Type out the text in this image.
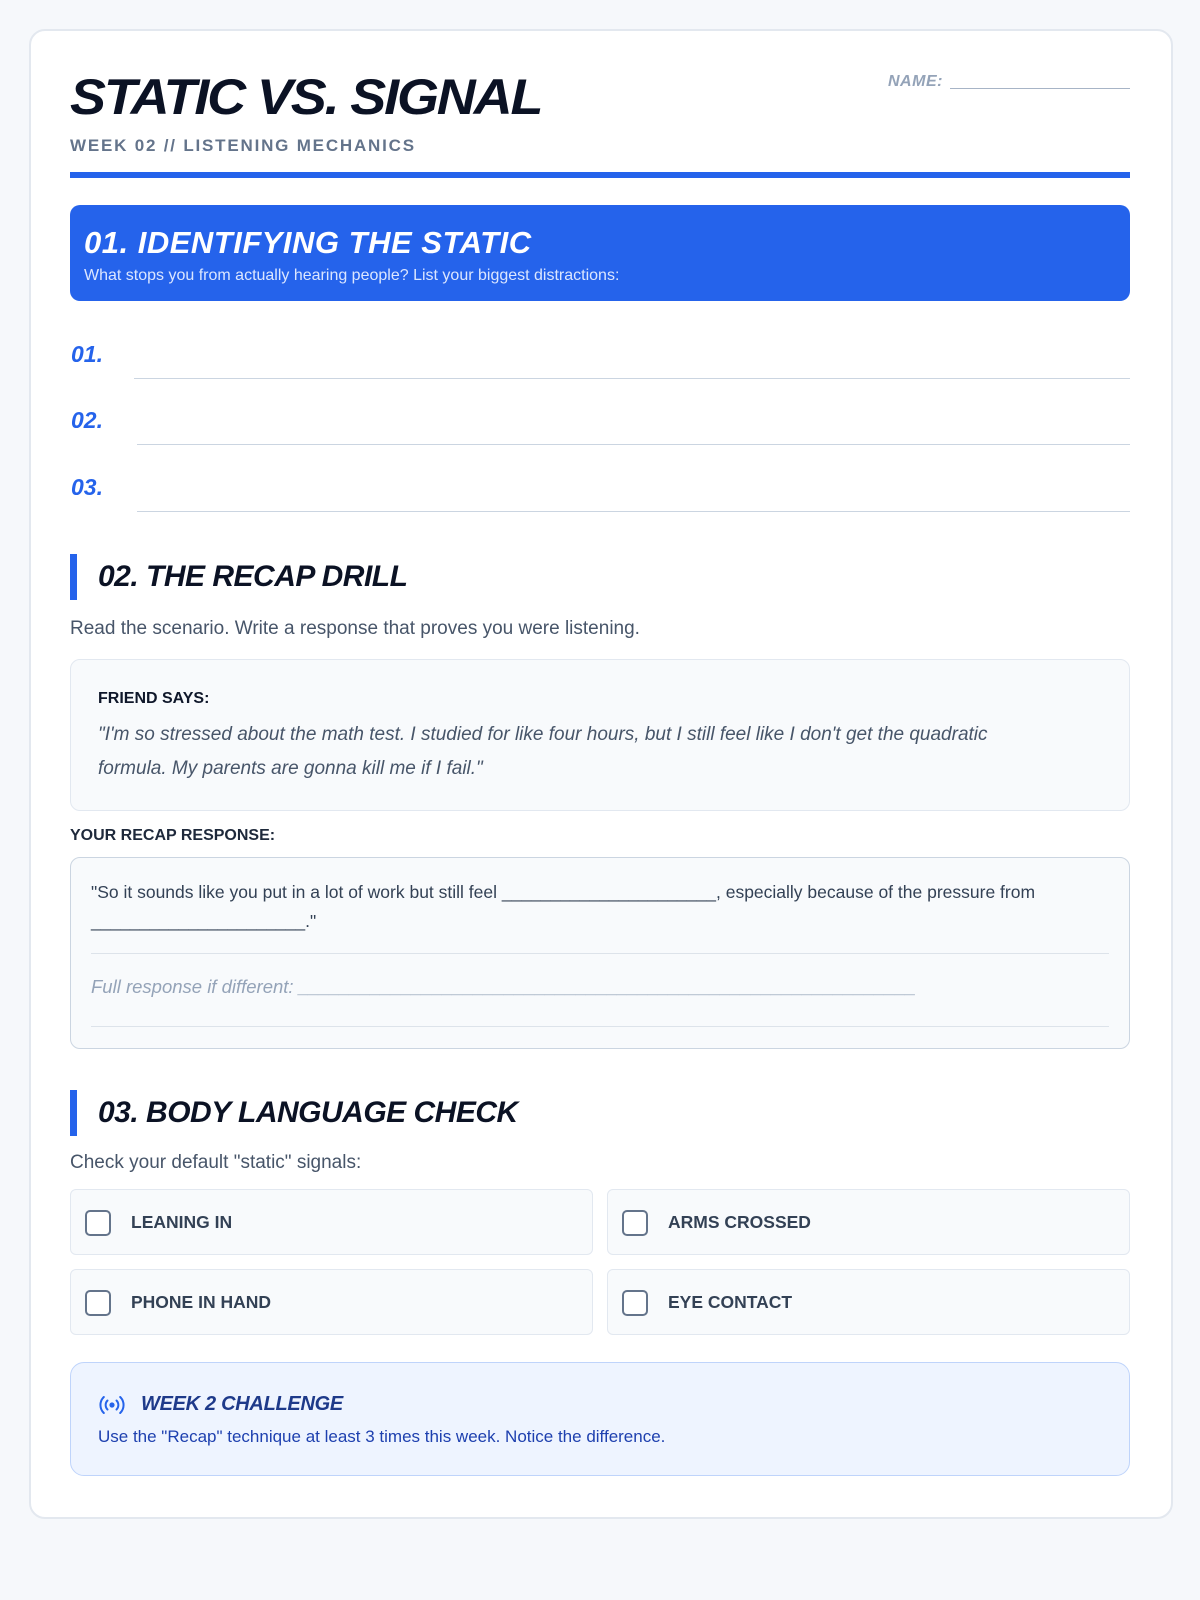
STATIC VS. SIGNAL
WEEK 02 // LISTENING MECHANICS
NAME:
01. IDENTIFYING THE STATIC
What stops you from actually hearing people? List your biggest distractions:
01.
02.
03.
02. THE RECAP DRILL
Read the scenario. Write a response that proves you were listening.
FRIEND SAYS:
"I'm so stressed about the math test. I studied for like four hours, but I still feel like I don't get the quadratic formula. My parents are gonna kill me if I fail."
YOUR RECAP RESPONSE:
"So it sounds like you put in a lot of work but still feel ______________________, especially because of the pressure from ______________________."
Full response if different: ____________________________________________________________
03. BODY LANGUAGE CHECK
Check your default "static" signals:
LEANING IN	ARMS CROSSED
PHONE IN HAND	EYE CONTACT
WEEK 2 CHALLENGE
Use the "Recap" technique at least 3 times this week. Notice the difference.
